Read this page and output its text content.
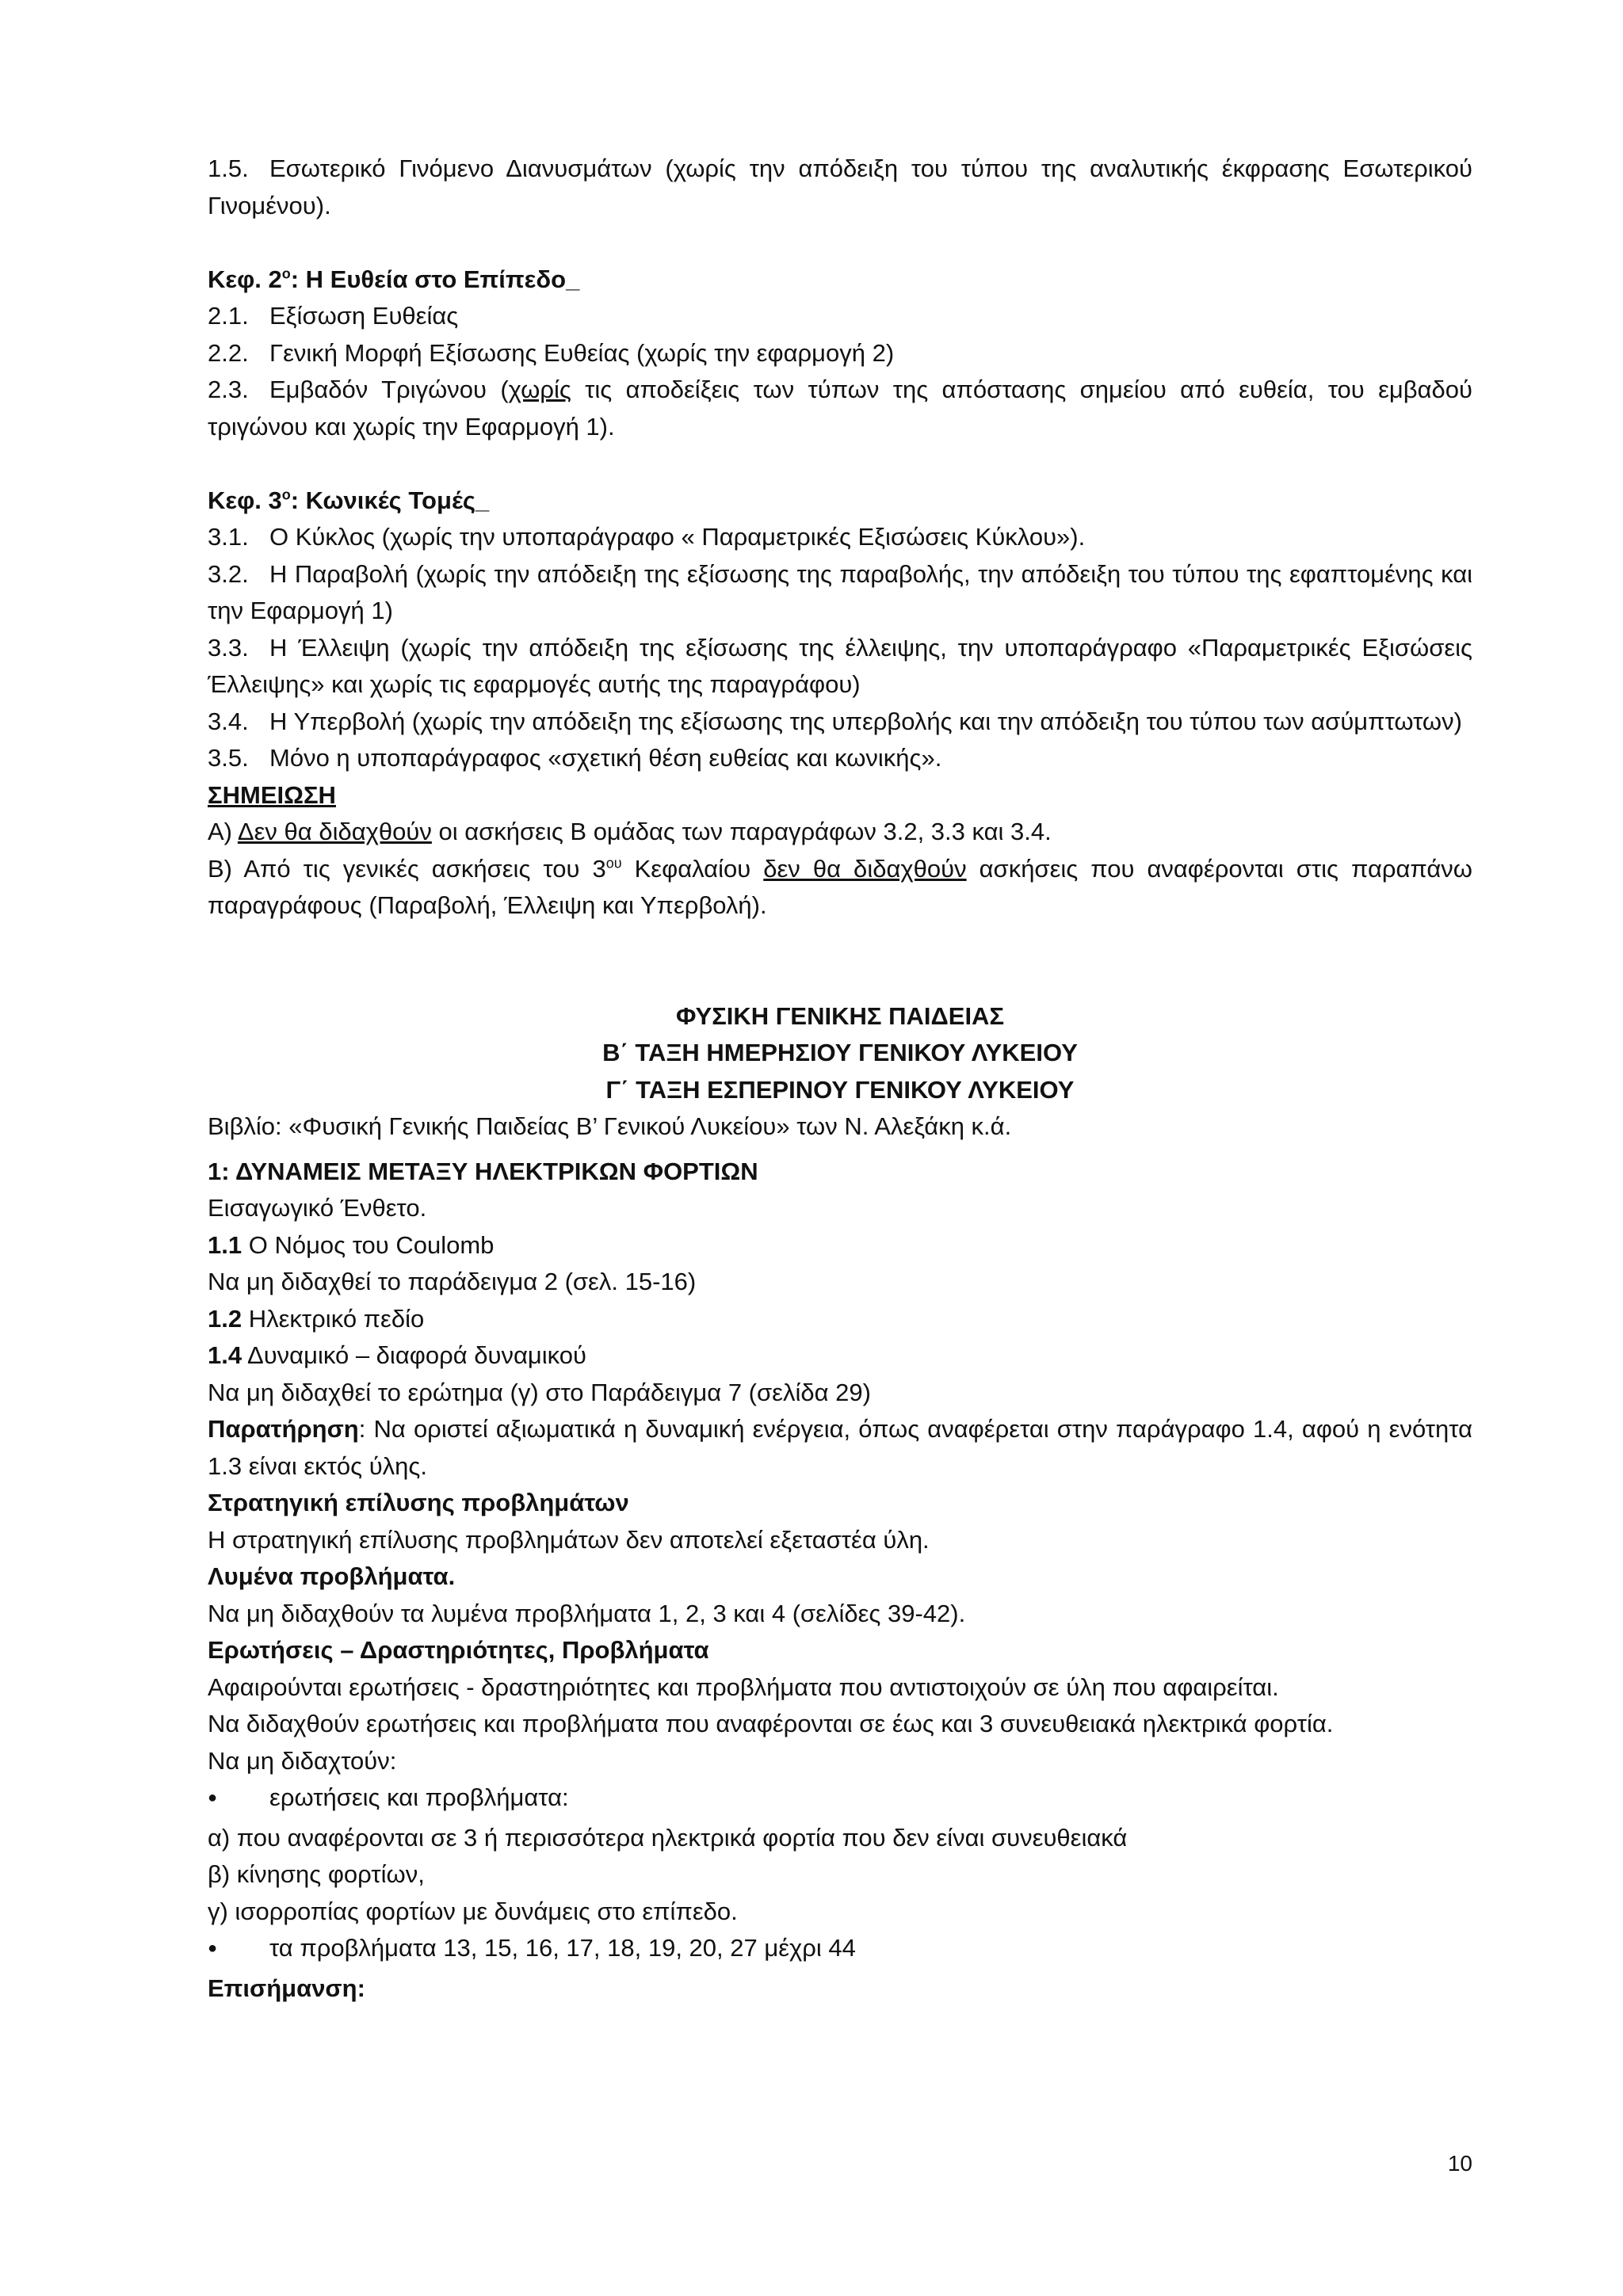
1.5. Εσωτερικό Γινόμενο Διανυσμάτων (χωρίς την απόδειξη του τύπου της αναλυτικής έκφρασης Εσωτερικού Γινομένου).
Κεφ. $2^o$: Η Ευθεία στο Επίπεδο_
2.1. Εξίσωση Ευθείας
2.2. Γενική Μορφή Εξίσωσης Ευθείας (χωρίς την εφαρμογή 2)
2.3. Εμβαδόν Τριγώνου (χωρίς τις αποδείξεις των τύπων της απόστασης σημείου από ευθεία, του εμβαδού τριγώνου και χωρίς την Εφαρμογή 1).
Κεφ. $3^o$: Κωνικές Τομές_
3.1. Ο Κύκλος (χωρίς την υποπαράγραφο « Παραμετρικές Εξισώσεις Κύκλου»).
3.2. Η Παραβολή (χωρίς την απόδειξη της εξίσωσης της παραβολής, την απόδειξη του τύπου της εφαπτομένης και την Εφαρμογή 1)
3.3. Η Έλλειψη (χωρίς την απόδειξη της εξίσωσης της έλλειψης, την υποπαράγραφο «Παραμετρικές Εξισώσεις Έλλειψης» και χωρίς τις εφαρμογές αυτής της παραγράφου)
3.4. Η Υπερβολή (χωρίς την απόδειξη της εξίσωσης της υπερβολής και την απόδειξη του τύπου των ασύμπτωτων)
3.5. Μόνο η υποπαράγραφος «σχετική θέση ευθείας και κωνικής».
ΣΗΜΕΙΩΣΗ
Α) Δεν θα διδαχθούν οι ασκήσεις Β ομάδας των παραγράφων 3.2, 3.3 και 3.4.
Β) Από τις γενικές ασκήσεις του $3^{o\upsilon}$ Κεφαλαίου δεν θα διδαχθούν ασκήσεις που αναφέρονται στις παραπάνω παραγράφους (Παραβολή, Έλλειψη και Υπερβολή).
ΦΥΣΙΚΗ ΓΕΝΙΚΗΣ ΠΑΙΔΕΙΑΣ
Β΄ ΤΑΞΗ ΗΜΕΡΗΣΙΟΥ ΓΕΝΙΚΟΥ ΛΥΚΕΙΟΥ
Γ΄ ΤΑΞΗ ΕΣΠΕΡΙΝΟΥ ΓΕΝΙΚΟΥ ΛΥΚΕΙΟΥ
Βιβλίο: «Φυσική Γενικής Παιδείας Β’ Γενικού Λυκείου» των Ν. Αλεξάκη κ.ά.
1: ΔΥΝΑΜΕΙΣ ΜΕΤΑΞΥ ΗΛΕΚΤΡΙΚΩΝ ΦΟΡΤΙΩΝ
Εισαγωγικό Ένθετο.
1.1 Ο Νόμος του Coulomb
Να μη διδαχθεί το παράδειγμα 2 (σελ. 15-16)
1.2 Ηλεκτρικό πεδίο
1.4 Δυναμικό – διαφορά δυναμικού
Να μη διδαχθεί το ερώτημα (γ) στο Παράδειγμα 7 (σελίδα 29)
Παρατήρηση: Να οριστεί αξιωματικά η δυναμική ενέργεια, όπως αναφέρεται στην παράγραφο 1.4, αφού η ενότητα 1.3 είναι εκτός ύλης.
Στρατηγική επίλυσης προβλημάτων
Η στρατηγική επίλυσης προβλημάτων δεν αποτελεί εξεταστέα ύλη.
Λυμένα προβλήματα.
Να μη διδαχθούν τα λυμένα προβλήματα 1, 2, 3 και 4 (σελίδες 39-42).
Ερωτήσεις – Δραστηριότητες, Προβλήματα
Αφαιρούνται ερωτήσεις - δραστηριότητες και προβλήματα που αντιστοιχούν σε ύλη που αφαιρείται.
Να διδαχθούν ερωτήσεις και προβλήματα που αναφέρονται σε έως και 3 συνευθειακά ηλεκτρικά φορτία.
Να μη διδαχτούν:
●
ερωτήσεις και προβλήματα:
α) που αναφέρονται σε 3 ή περισσότερα ηλεκτρικά φορτία που δεν είναι συνευθειακά
β) κίνησης φορτίων,
γ) ισορροπίας φορτίων με δυνάμεις στο επίπεδο.
●
τα προβλήματα 13, 15, 16, 17, 18, 19, 20, 27 μέχρι 44
Επισήμανση:
10
